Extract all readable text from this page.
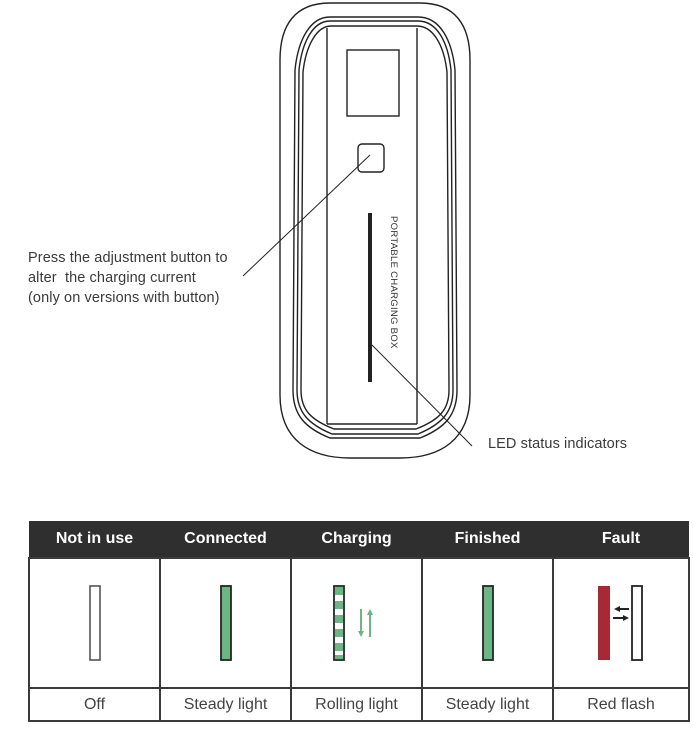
PORTABLE CHARGING BOX
Press the adjustment button to
alter  the charging current
(only on versions with button)
LED status indicators
Not in use	Connected	Charging	Finished	Fault

Off	Steady light	Rolling light	Steady light	Red flash
